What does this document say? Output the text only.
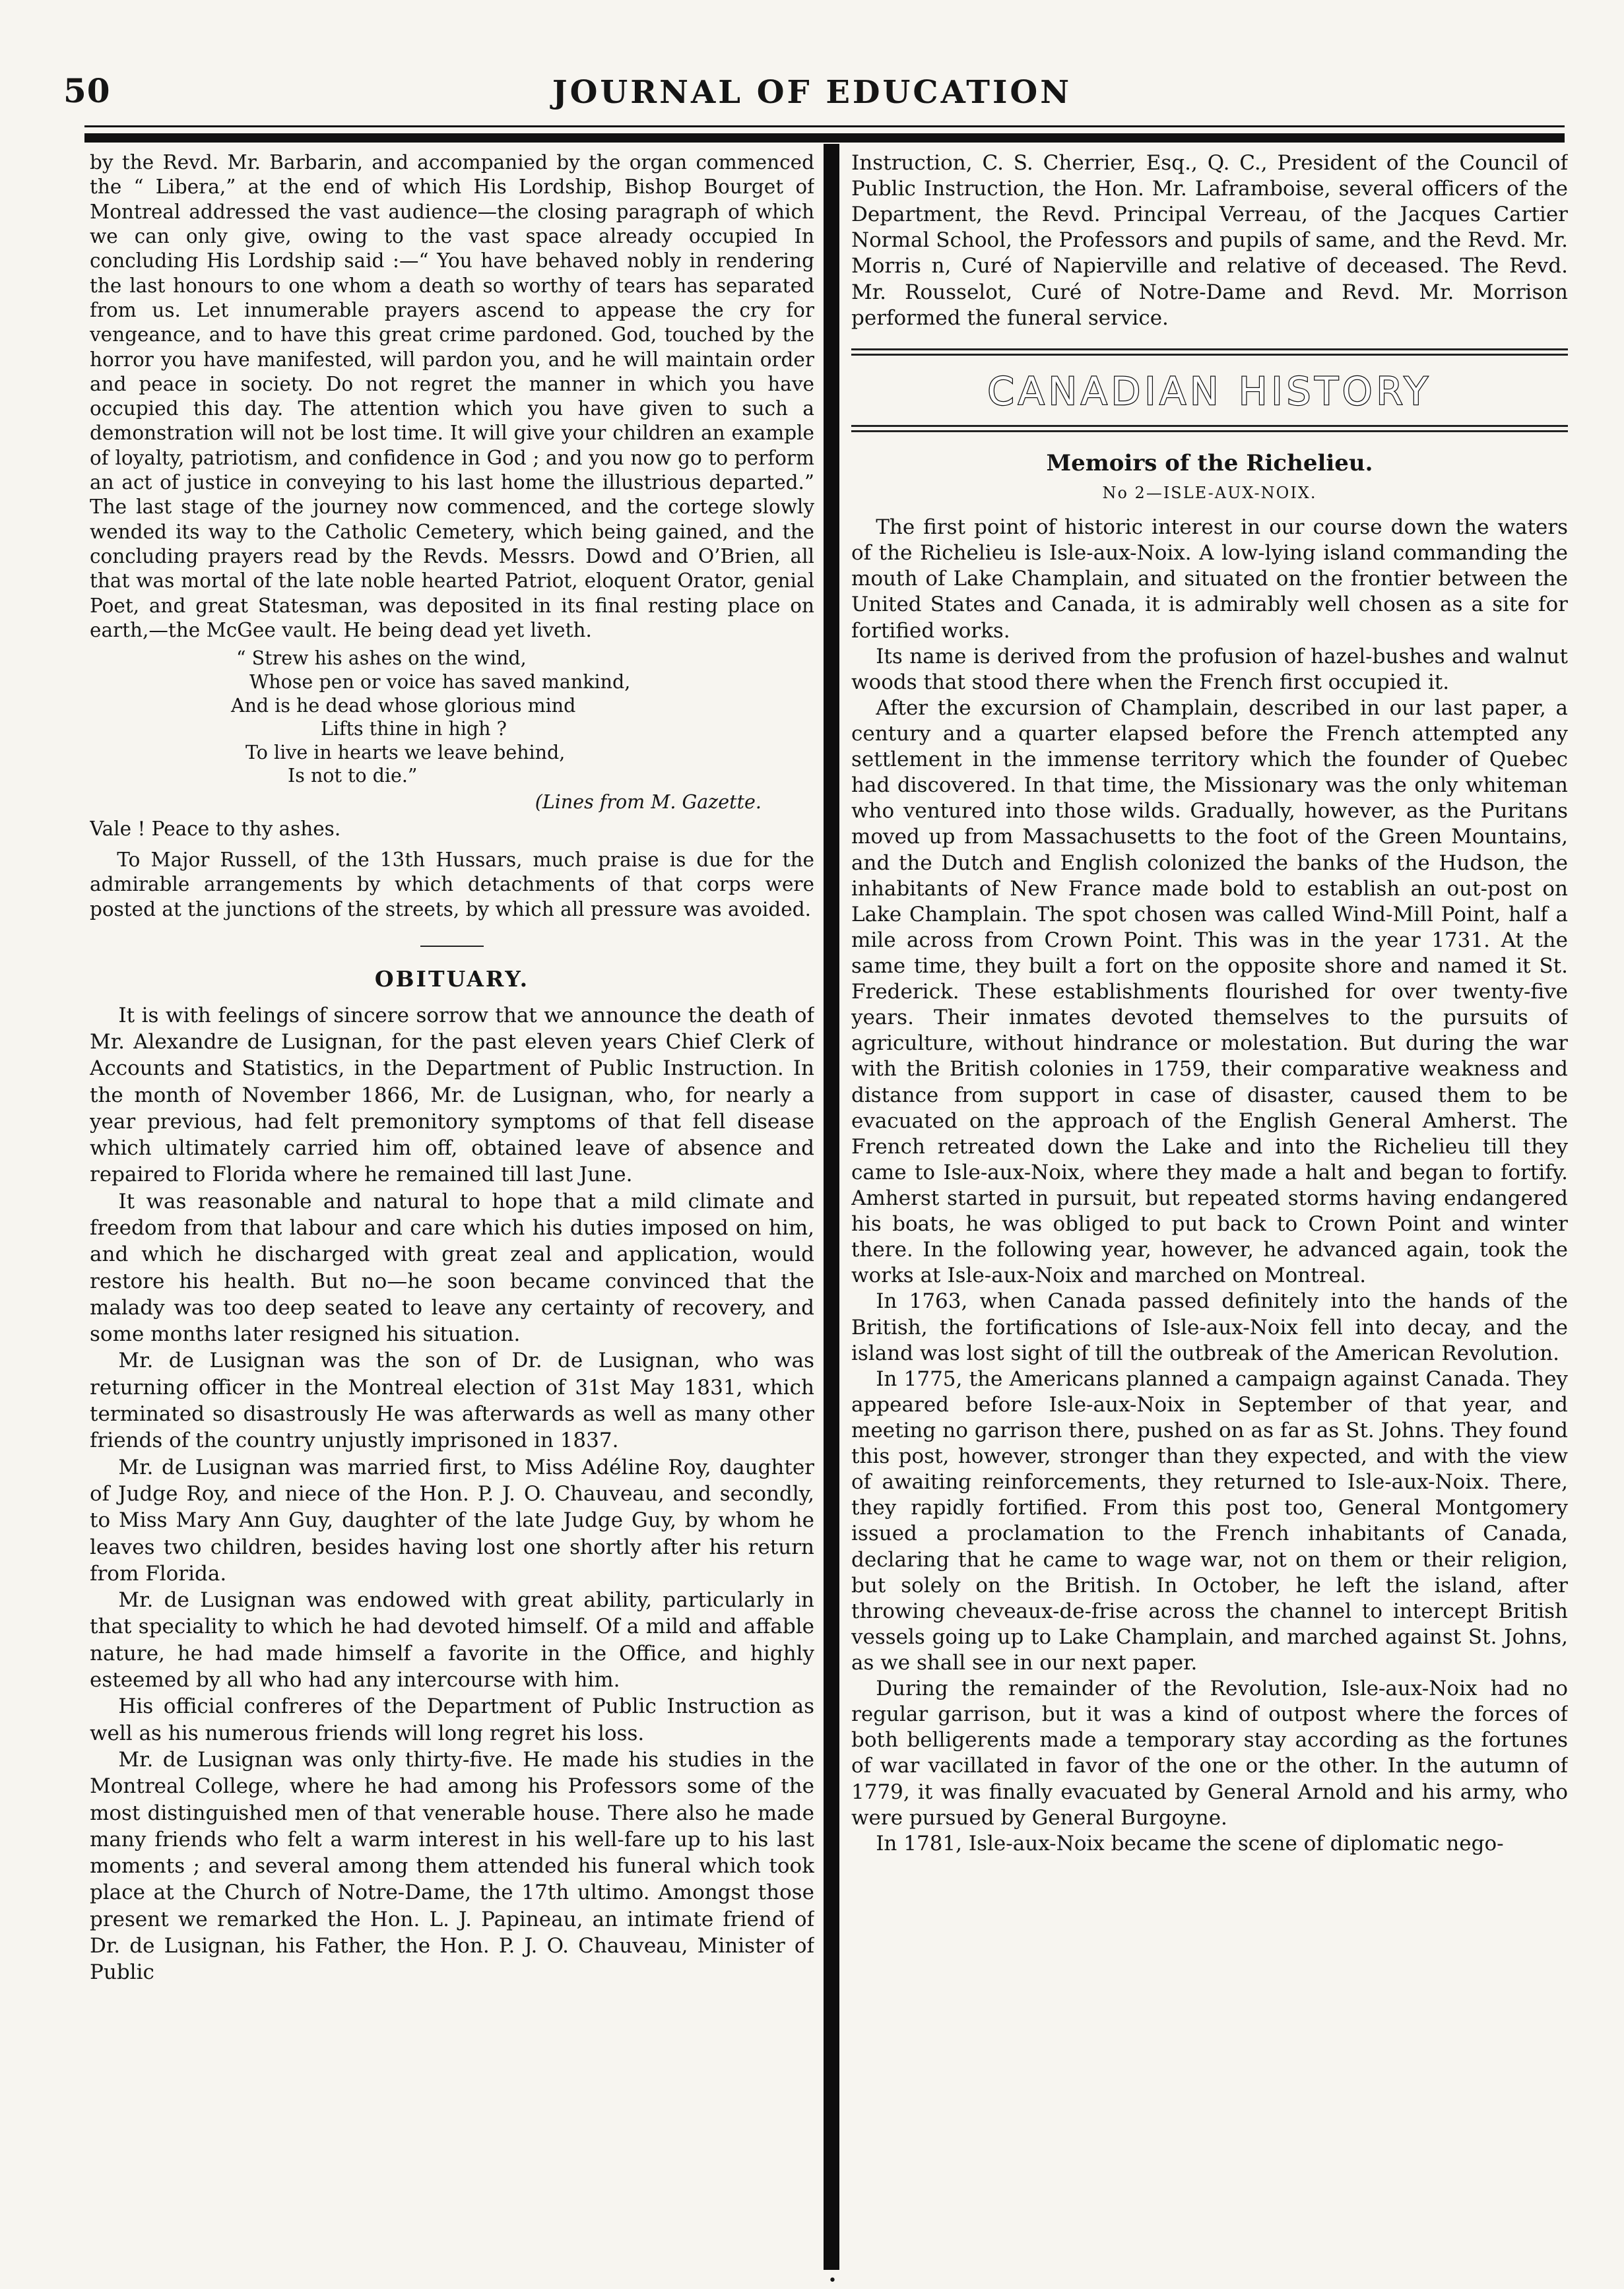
50	JOURNAL OF EDUCATION
•

by the Revd. Mr. Barbarin, and accompanied by the organ commenced the “ Libera,” at the end of which His Lordship, Bishop Bourget of Montreal addressed the vast audience—the closing paragraph of which we can only give, owing to the vast space already occupied In concluding His Lordship said :—“ You have behaved nobly in rendering the last honours to one whom a death so worthy of tears has separated from us. Let innumerable prayers ascend to appease the cry for vengeance, and to have this great crime pardoned. God, touched by the horror you have manifested, will pardon you, and he will maintain order and peace in society. Do not regret the manner in which you have occupied this day. The attention which you have given to such a demonstration will not be lost time. It will give your children an example of loyalty, patriotism, and confidence in God ; and you now go to perform an act of justice in conveying to his last home the illustrious departed.” The last stage of the journey now commenced, and the cortege slowly wended its way to the Catholic Cemetery, which being gained, and the concluding prayers read by the Revds. Messrs. Dowd and O’Brien, all that was mortal of the late noble hearted Patriot, eloquent Orator, genial Poet, and great Statesman, was deposited in its final resting place on earth,—the McGee vault. He being dead yet liveth.

“ Strew his ashes on the wind,
Whose pen or voice has saved mankind,
And is he dead whose glorious mind
Lifts thine in high ?
To live in hearts we leave behind,
Is not to die.”
(Lines from M. Gazette.

Vale ! Peace to thy ashes.

To Major Russell, of the 13th Hussars, much praise is due for the admirable arrangements by which detachments of that corps were posted at the junctions of the streets, by which all pressure was avoided.

OBITUARY.

It is with feelings of sincere sorrow that we announce the death of Mr. Alexandre de Lusignan, for the past eleven years Chief Clerk of Accounts and Statistics, in the Department of Public Instruction. In the month of November 1866, Mr. de Lusignan, who, for nearly a year previous, had felt premonitory symptoms of that fell disease which ultimately carried him off, obtained leave of absence and repaired to Florida where he remained till last June.

It was reasonable and natural to hope that a mild climate and freedom from that labour and care which his duties imposed on him, and which he discharged with great zeal and application, would restore his health. But no—he soon became convinced that the malady was too deep seated to leave any certainty of recovery, and some months later resigned his situation.

Mr. de Lusignan was the son of Dr. de Lusignan, who was returning officer in the Montreal election of 31st May 1831, which terminated so disastrously He was afterwards as well as many other friends of the country unjustly imprisoned in 1837.

Mr. de Lusignan was married first, to Miss Adéline Roy, daughter of Judge Roy, and niece of the Hon. P. J. O. Chauveau, and secondly, to Miss Mary Ann Guy, daughter of the late Judge Guy, by whom he leaves two children, besides having lost one shortly after his return from Florida.

Mr. de Lusignan was endowed with great ability, particularly in that speciality to which he had devoted himself. Of a mild and affable nature, he had made himself a favorite in the Office, and highly esteemed by all who had any intercourse with him.

His official confreres of the Department of Public Instruction as well as his numerous friends will long regret his loss.

Mr. de Lusignan was only thirty-five. He made his studies in the Montreal College, where he had among his Professors some of the most distinguished men of that venerable house. There also he made many friends who felt a warm interest in his well-fare up to his last moments ; and several among them attended his funeral which took place at the Church of Notre-Dame, the 17th ultimo. Amongst those present we remarked the Hon. L. J. Papineau, an intimate friend of Dr. de Lusignan, his Father, the Hon. P. J. O. Chauveau, Minister of Public

Instruction, C. S. Cherrier, Esq., Q. C., President of the Council of Public Instruction, the Hon. Mr. Laframboise, several officers of the Department, the Revd. Principal Verreau, of the Jacques Cartier Normal School, the Professors and pupils of same, and the Revd. Mr. Morris n, Curé of Napierville and relative of deceased. The Revd. Mr. Rousselot, Curé of Notre-Dame and Revd. Mr. Morrison performed the funeral service.

CANADIAN HISTORY
Memoirs of the Richelieu.
No 2—ISLE-AUX-NOIX.

The first point of historic interest in our course down the waters of the Richelieu is Isle-aux-Noix. A low-lying island commanding the mouth of Lake Champlain, and situated on the frontier between the United States and Canada, it is admirably well chosen as a site for fortified works.

Its name is derived from the profusion of hazel-bushes and walnut woods that stood there when the French first occupied it.

After the excursion of Champlain, described in our last paper, a century and a quarter elapsed before the French attempted any settlement in the immense territory which the founder of Quebec had discovered. In that time, the Missionary was the only whiteman who ventured into those wilds. Gradually, however, as the Puritans moved up from Massachusetts to the foot of the Green Mountains, and the Dutch and English colonized the banks of the Hudson, the inhabitants of New France made bold to establish an out-post on Lake Champlain. The spot chosen was called Wind-Mill Point, half a mile across from Crown Point. This was in the year 1731. At the same time, they built a fort on the opposite shore and named it St. Frederick. These establishments flourished for over twenty-five years. Their inmates devoted themselves to the pursuits of agriculture, without hindrance or molestation. But during the war with the British colonies in 1759, their comparative weakness and distance from support in case of disaster, caused them to be evacuated on the approach of the English General Amherst. The French retreated down the Lake and into the Richelieu till they came to Isle-aux-Noix, where they made a halt and began to fortify. Amherst started in pursuit, but repeated storms having endangered his boats, he was obliged to put back to Crown Point and winter there. In the following year, however, he advanced again, took the works at Isle-aux-Noix and marched on Montreal.

In 1763, when Canada passed definitely into the hands of the British, the fortifications of Isle-aux-Noix fell into decay, and the island was lost sight of till the outbreak of the American Revolution.

In 1775, the Americans planned a campaign against Canada. They appeared before Isle-aux-Noix in September of that year, and meeting no garrison there, pushed on as far as St. Johns. They found this post, however, stronger than they expected, and with the view of awaiting reinforcements, they returned to Isle-aux-Noix. There, they rapidly fortified. From this post too, General Montgomery issued a proclamation to the French inhabitants of Canada, declaring that he came to wage war, not on them or their religion, but solely on the British. In October, he left the island, after throwing cheveaux-de-frise across the channel to intercept British vessels going up to Lake Champlain, and marched against St. Johns, as we shall see in our next paper.

During the remainder of the Revolution, Isle-aux-Noix had no regular garrison, but it was a kind of outpost where the forces of both belligerents made a temporary stay according as the fortunes of war vacillated in favor of the one or the other. In the autumn of 1779, it was finally evacuated by General Arnold and his army, who were pursued by General Burgoyne.

In 1781, Isle-aux-Noix became the scene of diplomatic nego-
